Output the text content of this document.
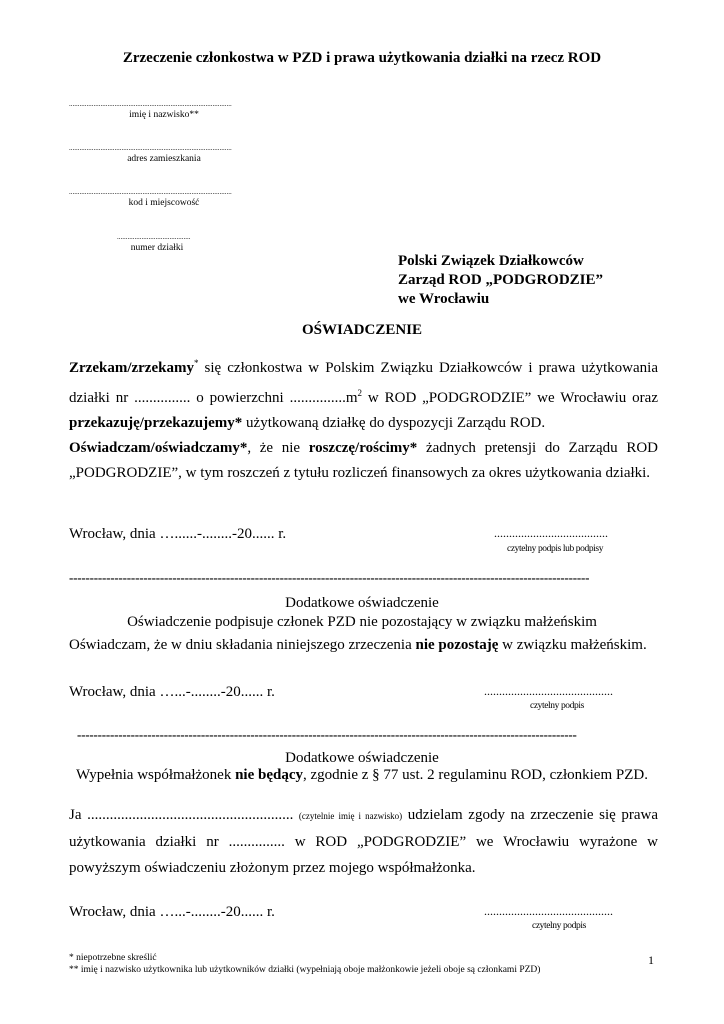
Zrzeczenie członkostwa w PZD i prawa użytkowania działki na rzecz ROD
.............................................................................................
imię i nazwisko**
.............................................................................................
adres zamieszkania
.............................................................................................
kod i miejscowość
..........................................
numer działki
Polski Związek Działkowców
Zarząd ROD „PODGRODZIE”
we Wrocławiu
OŚWIADCZENIE
Zrzekam/zrzekamy* się członkostwa w Polskim Związku Działkowców i prawa użytkowania działki nr ............... o powierzchni $...............m^2$ w ROD „PODGRODZIE” we Wrocławiu oraz przekazuję/przekazujemy* użytkowaną działkę do dyspozycji Zarządu ROD.
Oświadczam/oświadczamy*, że nie roszczę/rościmy* żadnych pretensji do Zarządu ROD „PODGRODZIE”, w tym roszczeń z tytułu rozliczeń finansowych za okres użytkowania działki.
Wrocław, dnia …......-........-20...... r.	......................................
czytelny podpis lub podpisy
------------------------------------------------------------------------------------------------------------------------------
Dodatkowe oświadczenie
Oświadczenie podpisuje członek PZD nie pozostający w związku małżeńskim
Oświadczam, że w dniu składania niniejszego zrzeczenia nie pozostaję w związku małżeńskim.
Wrocław, dnia …...-........-20...... r.	...........................................
czytelny podpis
-------------------------------------------------------------------------------------------------------------------------
Dodatkowe oświadczenie
Wypełnia współmałżonek nie będący, zgodnie z § 77 ust. 2 regulaminu ROD, członkiem PZD.
Ja ....................................................... (czytelnie imię i nazwisko) udzielam zgody na zrzeczenie się prawa użytkowania działki nr ............... w ROD „PODGRODZIE” we Wrocławiu wyrażone w powyższym oświadczeniu złożonym przez mojego współmałżonka.
Wrocław, dnia …...-........-20...... r.	...........................................
czytelny podpis
* niepotrzebne skreślić
** imię i nazwisko użytkownika lub użytkowników działki (wypełniają oboje małżonkowie jeżeli oboje są członkami PZD)
1
